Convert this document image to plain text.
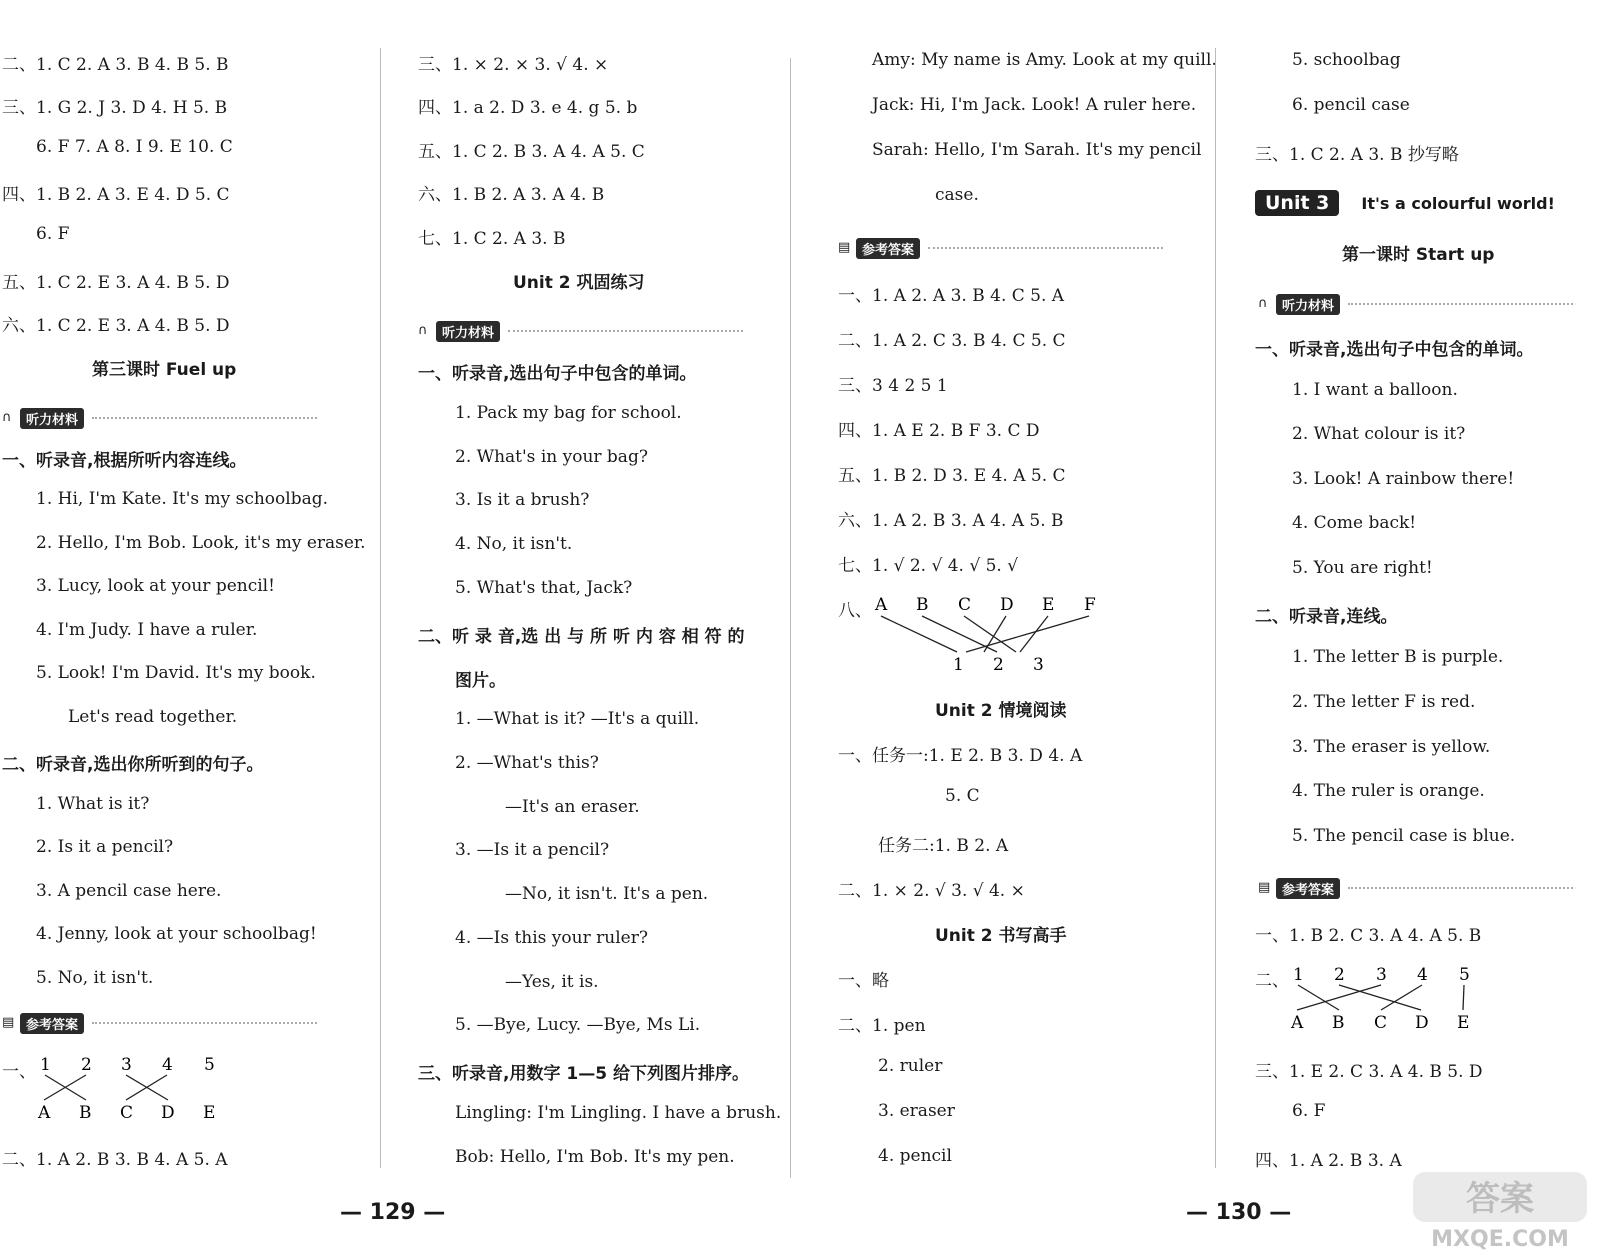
二、1. C 2. A 3. B 4. B 5. B
三、1. G 2. J 3. D 4. H 5. B
6. F 7. A 8. I 9. E 10. C
四、1. B 2. A 3. E 4. D 5. C
6. F
五、1. C 2. E 3. A 4. B 5. D
六、1. C 2. E 3. A 4. B 5. D
第三课时 Fuel up
∩	听力材料
一、听录音,根据所听内容连线。
1. Hi, I'm Kate. It's my schoolbag.
2. Hello, I'm Bob. Look, it's my eraser.
3. Lucy, look at your pencil!
4. I'm Judy. I have a ruler.
5. Look! I'm David. It's my book.
Let's read together.
二、听录音,选出你所听到的句子。
1. What is it?
2. Is it a pencil?
3. A pencil case here.
4. Jenny, look at your schoolbag!
5. No, it isn't.
▤ 参考答案
一、 1 2 3 4 5
A B C D E
二、1. A 2. B 3. B 4. A 5. A
三、1. × 2. × 3. √ 4. ×
四、1. a 2. D 3. e 4. g 5. b
五、1. C 2. B 3. A 4. A 5. C
六、1. B 2. A 3. A 4. B
七、1. C 2. A 3. B
Unit 2 巩固练习
∩	听力材料
一、听录音,选出句子中包含的单词。
1. Pack my bag for school.
2. What's in your bag?
3. Is it a brush?
4. No, it isn't.
5. What's that, Jack?
二、听 录 音,选 出 与 所 听 内 容 相 符 的
图片。
1. —What is it? —It's a quill.
2. —What's this?
—It's an eraser.
3. —Is it a pencil?
—No, it isn't. It's a pen.
4. —Is this your ruler?
—Yes, it is.
5. —Bye, Lucy. —Bye, Ms Li.
三、听录音,用数字 1—5 给下列图片排序。
Lingling: I'm Lingling. I have a brush.
Bob: Hello, I'm Bob. It's my pen.
— 129 —
Amy: My name is Amy. Look at my quill.
Jack: Hi, I'm Jack. Look! A ruler here.
Sarah: Hello, I'm Sarah. It's my pencil
case.
▤ 参考答案
一、1. A 2. A 3. B 4. C 5. A
二、1. A 2. C 3. B 4. C 5. C
三、3 4 2 5 1
四、1. A E 2. B F 3. C D
五、1. B 2. D 3. E 4. A 5. C
六、1. A 2. B 3. A 4. A 5. B
七、1. √ 2. √ 4. √ 5. √
八、 A B C D E F
1 2 3
Unit 2 情境阅读
一、任务一:1. E 2. B 3. D 4. A
5. C
任务二:1. B 2. A
二、1. × 2. √ 3. √ 4. ×
Unit 2 书写高手
一、略
二、1. pen
2. ruler
3. eraser
4. pencil
— 130 —
5. schoolbag
6. pencil case
三、1. C 2. A 3. B 抄写略
Unit 3	It's a colourful world!
第一课时 Start up
∩	听力材料
一、听录音,选出句子中包含的单词。
1. I want a balloon.
2. What colour is it?
3. Look! A rainbow there!
4. Come back!
5. You are right!
二、听录音,连线。
1. The letter B is purple.
2. The letter F is red.
3. The eraser is yellow.
4. The ruler is orange.
5. The pencil case is blue.
▤ 参考答案
一、1. B 2. C 3. A 4. A 5. B
二、 1 2 3 4 5
A B C D E
三、1. E 2. C 3. A 4. B 5. D
6. F
四、1. A 2. B 3. A
答案
MXQE.COM
